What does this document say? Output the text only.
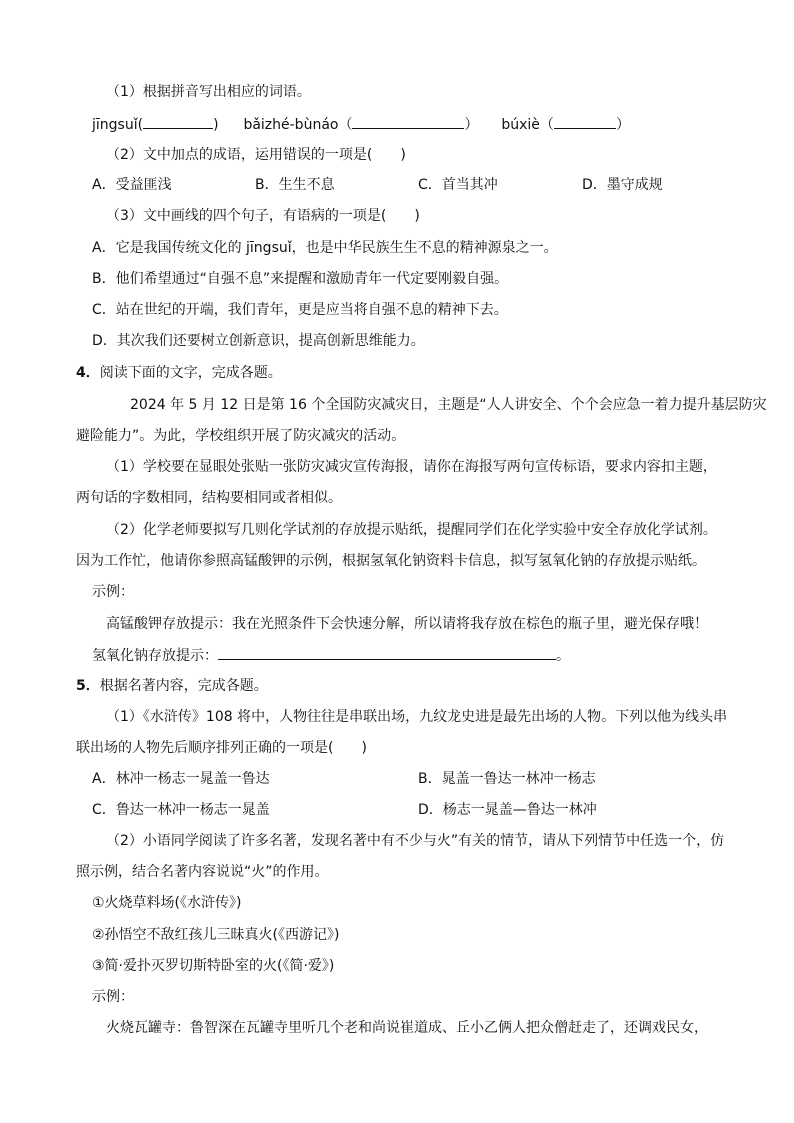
（1）根据拼音写出相应的词语。
jīngsuǐ(	) bǎizhé-bùnáo（	） búxiè（	）
（2）文中加点的成语，运用错误的一项是(　　)
A．受益匪浅	B．生生不息	C．首当其冲	D．墨守成规
（3）文中画线的四个句子，有语病的一项是(　　)
A．它是我国传统文化的 jīngsuǐ，也是中华民族生生不息的精神源泉之一。
B．他们希望通过“自强不息”来提醒和激励青年一代定要刚毅自强。
C．站在世纪的开端，我们青年，更是应当将自强不息的精神下去。
D．其次我们还要树立创新意识，提高创新思维能力。
4．阅读下面的文字，完成各题。
2024 年 5 月 12 日是第 16 个全国防灾减灾日，主题是“人人讲安全、个个会应急一着力提升基层防灾
避险能力”。为此，学校组织开展了防灾减灾的活动。
（1）学校要在显眼处张贴一张防灾减灾宣传海报，请你在海报写两句宣传标语，要求内容扣主题，
两句话的字数相同，结构要相同或者相似。
（2）化学老师要拟写几则化学试剂的存放提示贴纸，提醒同学们在化学实验中安全存放化学试剂。
因为工作忙，他请你参照高锰酸钾的示例，根据氢氧化钠资料卡信息，拟写氢氧化钠的存放提示贴纸。
示例：
高锰酸钾存放提示：我在光照条件下会快速分解，所以请将我存放在棕色的瓶子里，避光保存哦！
氢氧化钠存放提示：	。
5．根据名著内容，完成各题。
（1）《水浒传》108 将中，人物往往是串联出场，九纹龙史进是最先出场的人物。下列以他为线头串
联出场的人物先后顺序排列正确的一项是(　　)
A．林冲一杨志一晁盖一鲁达	B．晁盖一鲁达一林冲一杨志
C．鲁达一林冲一杨志一晁盖	D．杨志一晁盖—鲁达一林冲
（2）小语同学阅读了许多名著，发现名著中有不少与火”有关的情节，请从下列情节中任选一个，仿
照示例，结合名著内容说说“火”的作用。
①火烧草料场(《水浒传》)
②孙悟空不敌红孩儿三昧真火(《西游记》)
③简·爱扑灭罗切斯特卧室的火(《简·爱》)
示例：
火烧瓦罐寺：鲁智深在瓦罐寺里听几个老和尚说崔道成、丘小乙俩人把众僧赶走了，还调戏民女，
